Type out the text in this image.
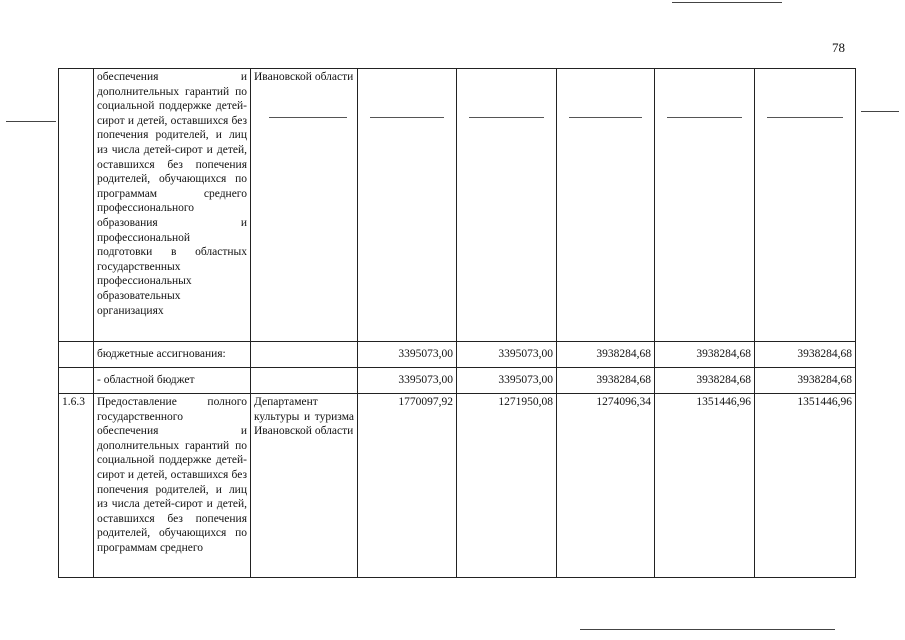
78
	обеспечения и дополнительных гарантий по социальной поддержке детей-сирот и детей, оставшихся без попечения родителей, и лиц из числа детей-сирот и детей, оставшихся без попечения родителей, обучающихся по программам среднего профессионального образования и профессиональной подготовки в областных государственных профессиональных образовательных организациях	Ивановской области					
	бюджетные ассигнования:		3395073,00	3395073,00	3938284,68	3938284,68	3938284,68
	- областной бюджет		3395073,00	3395073,00	3938284,68	3938284,68	3938284,68
1.6.3	Предоставление полного государственного обеспечения и дополнительных гарантий по социальной поддержке детей-сирот и детей, оставшихся без попечения родителей, и лиц из числа детей-сирот и детей, оставшихся без попечения родителей, обучающихся по программам среднего	Департамент культуры и туризма Ивановской области	1770097,92	1271950,08	1274096,34	1351446,96	1351446,96
